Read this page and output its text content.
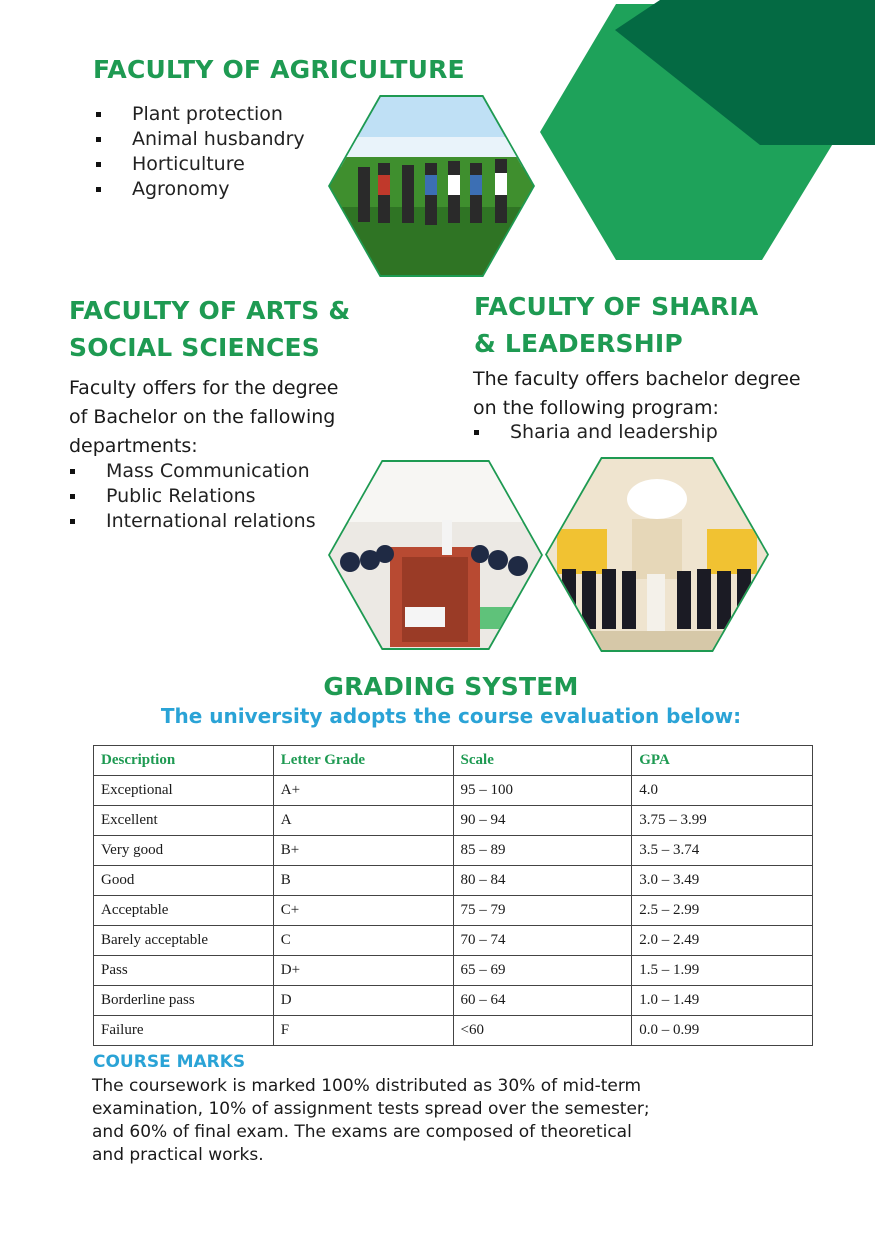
FACULTY OF AGRICULTURE
Plant protection
Animal husbandry
Horticulture
Agronomy
FACULTY OF ARTS &
SOCIAL SCIENCES
Faculty offers for the degree
of Bachelor on the fallowing
departments:
Mass Communication
Public Relations
International relations
FACULTY OF SHARIA
& LEADERSHIP
The faculty offers bachelor degree
on the following program:
Sharia and leadership
GRADING SYSTEM
The university adopts the course evaluation below:
Description	Letter Grade	Scale	GPA
Exceptional	A+	95 – 100	4.0
Excellent	A	90 – 94	3.75 – 3.99
Very good	B+	85 – 89	3.5 – 3.74
Good	B	80 – 84	3.0 – 3.49
Acceptable	C+	75 – 79	2.5 – 2.99
Barely acceptable	C	70 – 74	2.0 – 2.49
Pass	D+	65 – 69	1.5 – 1.99
Borderline pass	D	60 – 64	1.0 – 1.49
Failure	F	<60	0.0 – 0.99
COURSE MARKS
The coursework is marked 100% distributed as 30% of mid-term
examination, 10% of assignment tests spread over the semester;
and 60% of final exam. The exams are composed of theoretical
and practical works.
